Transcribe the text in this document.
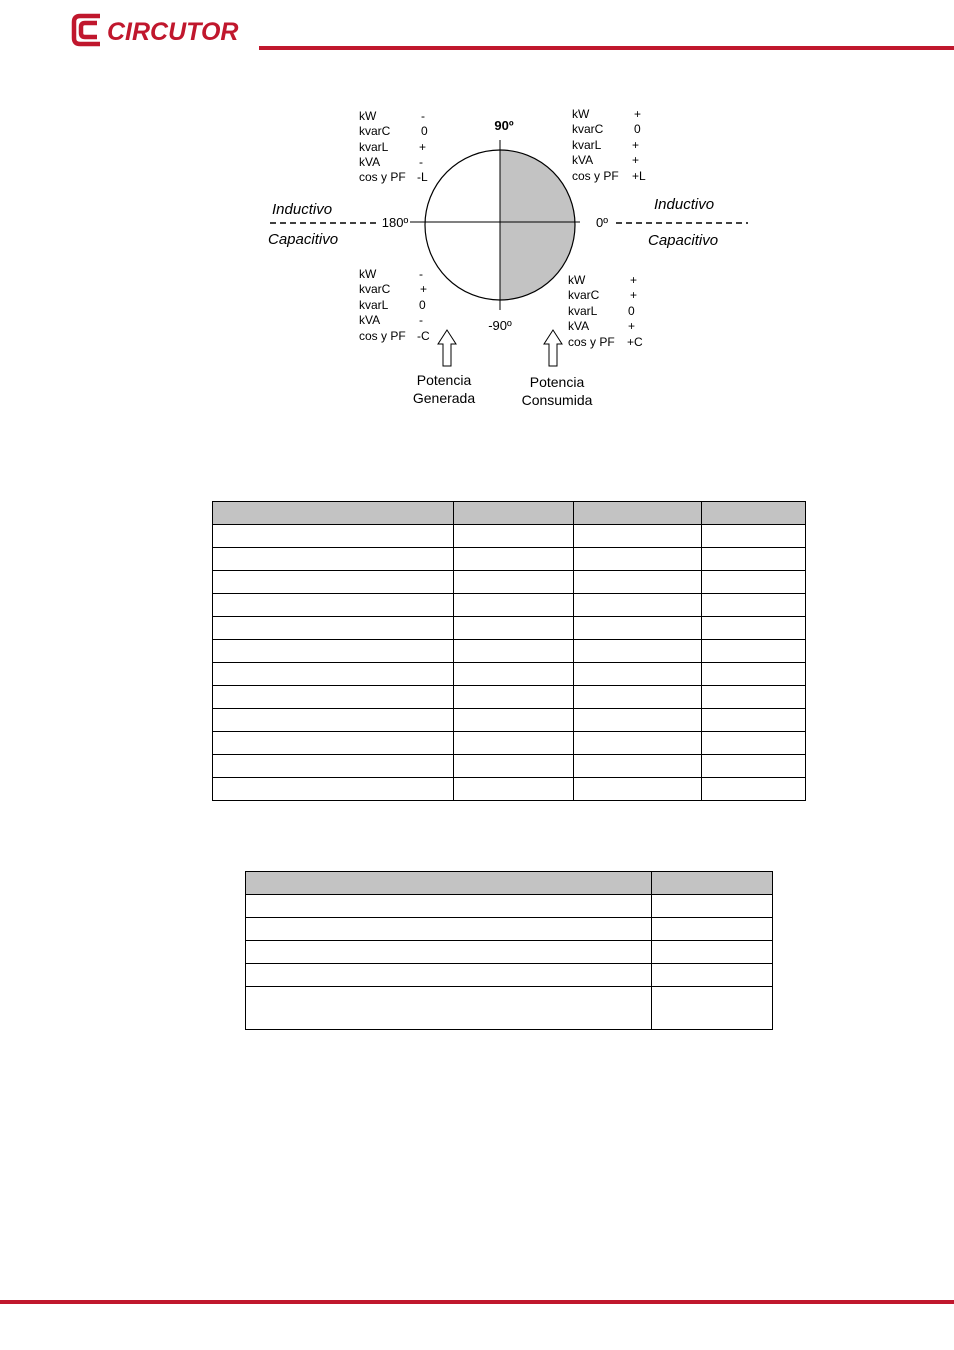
CIRCUTOR
90º
-90º
180º	0º
Inductivo
Capacitivo
Inductivo
Capacitivo
kW	-
kvarC	0
kvarL	+
kVA	-
cos y PF -L
kW	+
kvarC	0
kvarL	+
kVA	+
cos y PF +L
kW	-
kvarC +
kvarL	0
kVA	-
cos y PF -C
kW	+
kvarC	+
kvarL	0
kVA	+
cos y PF +C
Potencia
Generada
Potencia
Consumida
